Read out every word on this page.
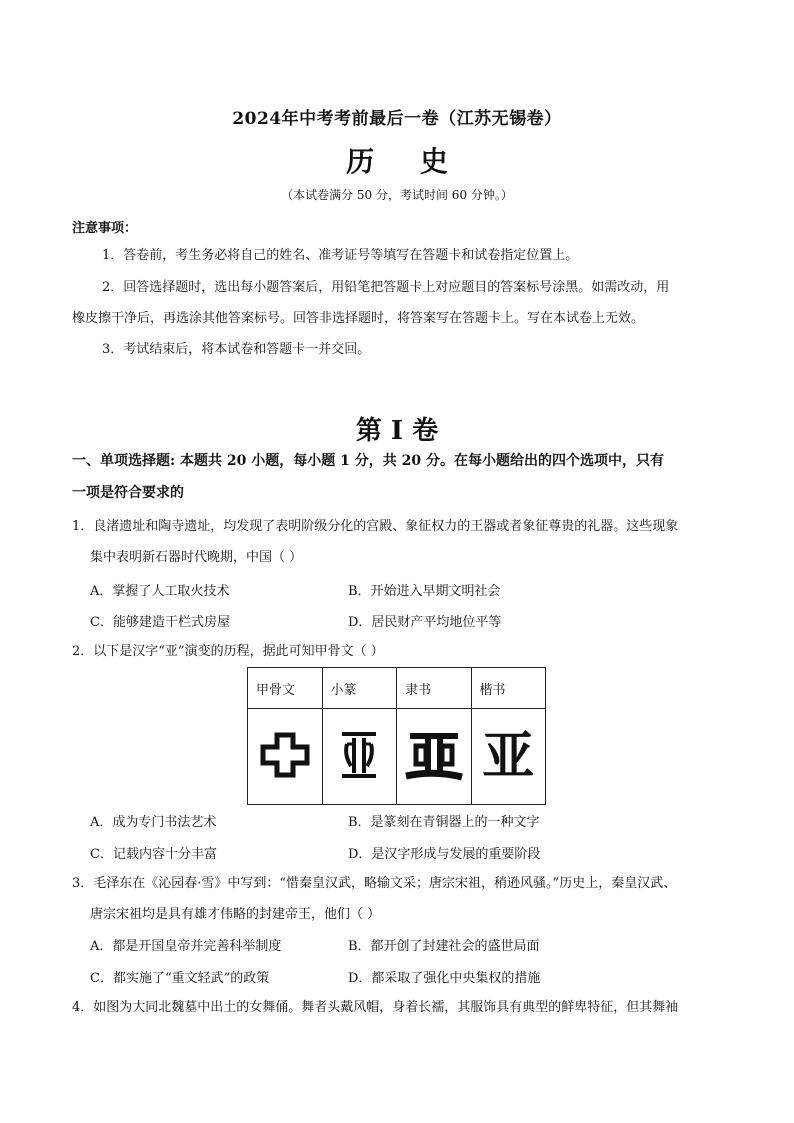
2024年中考考前最后一卷（江苏无锡卷）
历 史
（本试卷满分 50 分，考试时间 60 分钟。）
注意事项：
1．答卷前，考生务必将自己的姓名、准考证号等填写在答题卡和试卷指定位置上。
2．回答选择题时，选出每小题答案后，用铅笔把答题卡上对应题目的答案标号涂黑。如需改动，用
橡皮擦干净后，再选涂其他答案标号。回答非选择题时，将答案写在答题卡上。写在本试卷上无效。
3．考试结束后，将本试卷和答题卡一并交回。
第 I 卷
一、单项选择题: 本题共 20 小题，每小题 1 分，共 20 分。在每小题给出的四个选项中，只有
一项是符合要求的
1．良渚遗址和陶寺遗址，均发现了表明阶级分化的宫殿、象征权力的王器或者象征尊贵的礼器。这些现象
集中表明新石器时代晚期，中国（ ）
A．掌握了人工取火技术	B．开始进入早期文明社会
C．能够建造干栏式房屋	D．居民财产平均地位平等
2．以下是汉字“亚”演变的历程，据此可知甲骨文（ ）
甲骨文	小篆	隶书	楷书
			亚
A．成为专门书法艺术	B．是篆刻在青铜器上的一种文字
C．记载内容十分丰富	D．是汉字形成与发展的重要阶段
3．毛泽东在《沁园春·雪》中写到：“惜秦皇汉武，略输文采；唐宗宋祖，稍逊风骚。”历史上，秦皇汉武、
唐宗宋祖均是具有雄才伟略的封建帝王，他们（ ）
A．都是开国皇帝并完善科举制度	B．都开创了封建社会的盛世局面
C．都实施了“重文轻武”的政策	D．都采取了强化中央集权的措施
4．如图为大同北魏墓中出土的女舞俑。舞者头戴风帽，身着长襦，其服饰具有典型的鲜卑特征，但其舞袖
